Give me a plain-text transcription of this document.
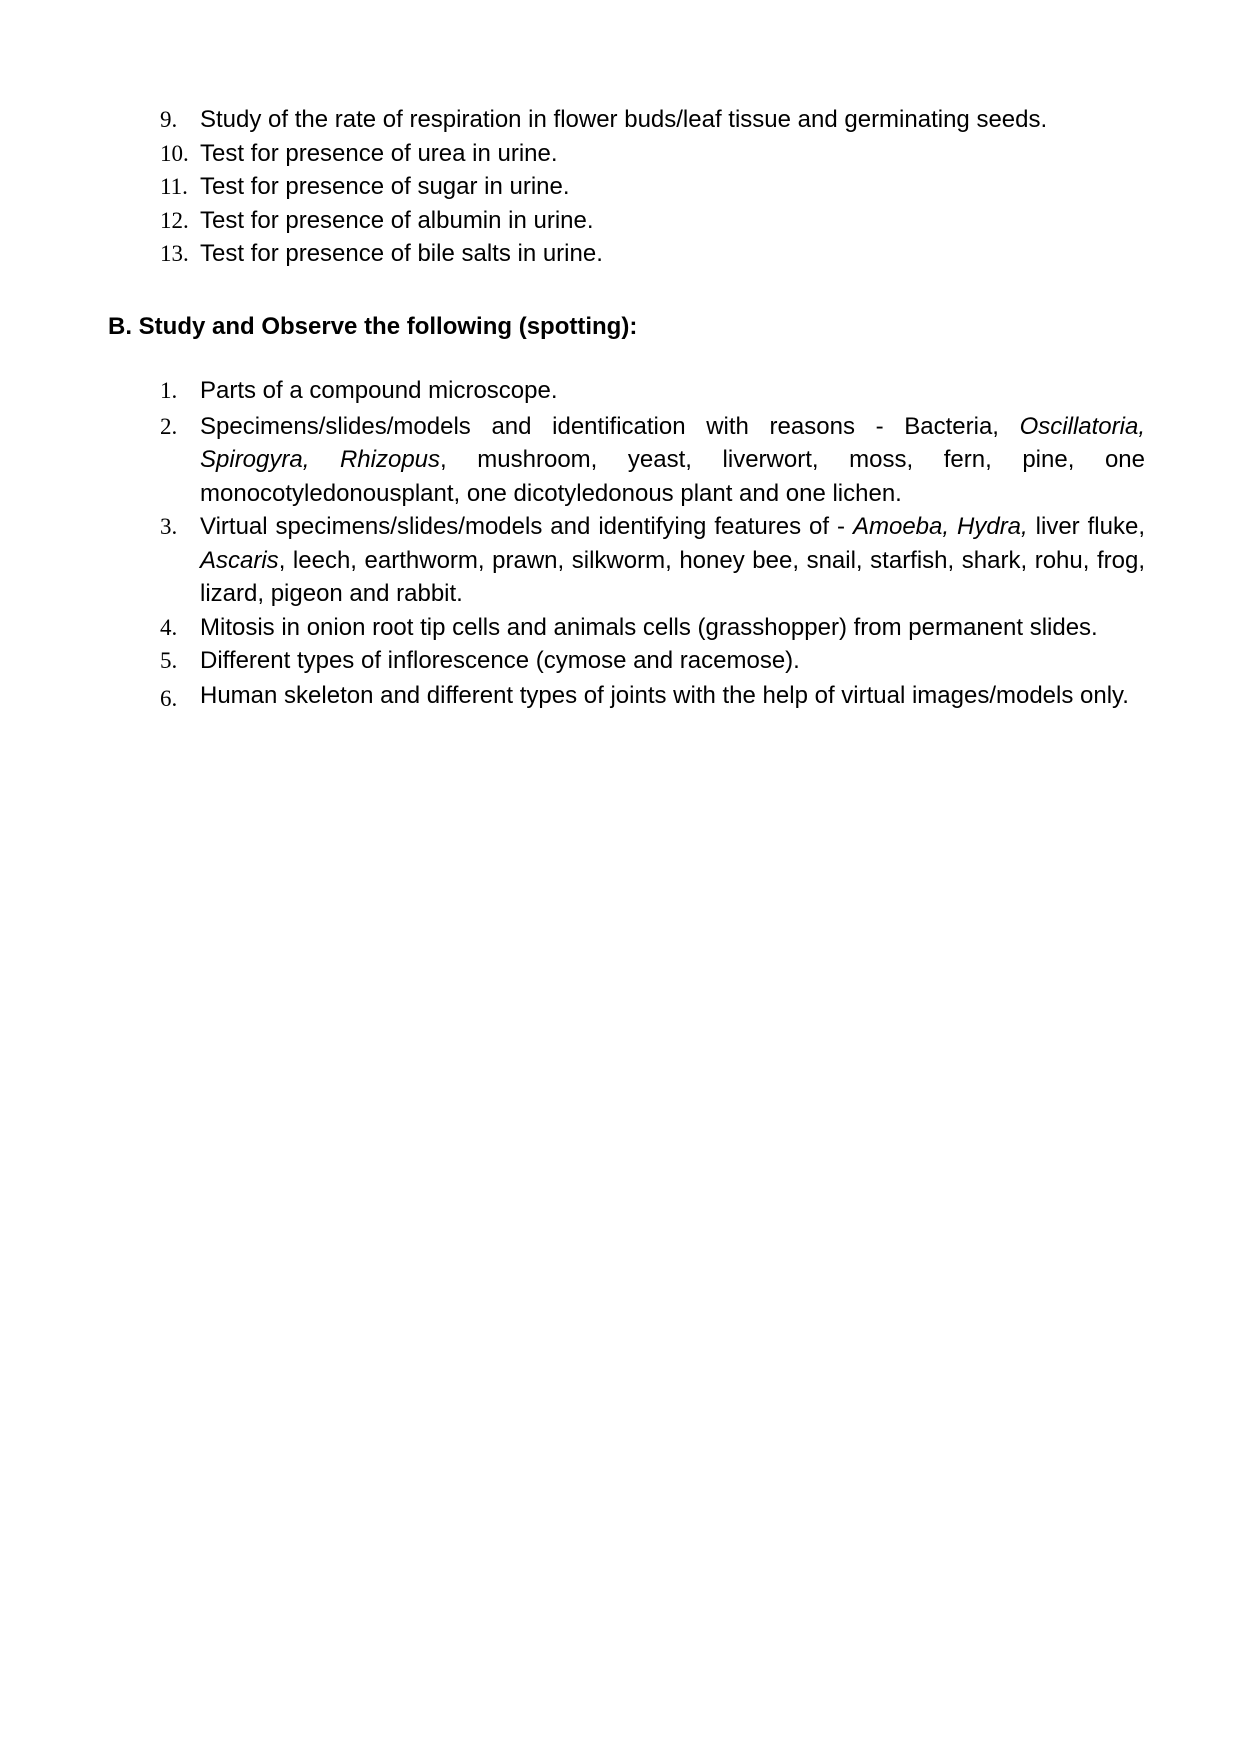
9. Study of the rate of respiration in flower buds/leaf tissue and germinating seeds.
10. Test for presence of urea in urine.
11. Test for presence of sugar in urine.
12. Test for presence of albumin in urine.
13. Test for presence of bile salts in urine.
B. Study and Observe the following (spotting):
1. Parts of a compound microscope.
2. Specimens/slides/models and identification with reasons - Bacteria, Oscillatoria, Spirogyra, Rhizopus, mushroom, yeast, liverwort, moss, fern, pine, one monocotyledonousplant, one dicotyledonous plant and one lichen.
3. Virtual specimens/slides/models and identifying features of - Amoeba, Hydra, liver fluke, Ascaris, leech, earthworm, prawn, silkworm, honey bee, snail, starfish, shark, rohu, frog, lizard, pigeon and rabbit.
4. Mitosis in onion root tip cells and animals cells (grasshopper) from permanent slides.
5. Different types of inflorescence (cymose and racemose).
6. Human skeleton and different types of joints with the help of virtual images/models only.
